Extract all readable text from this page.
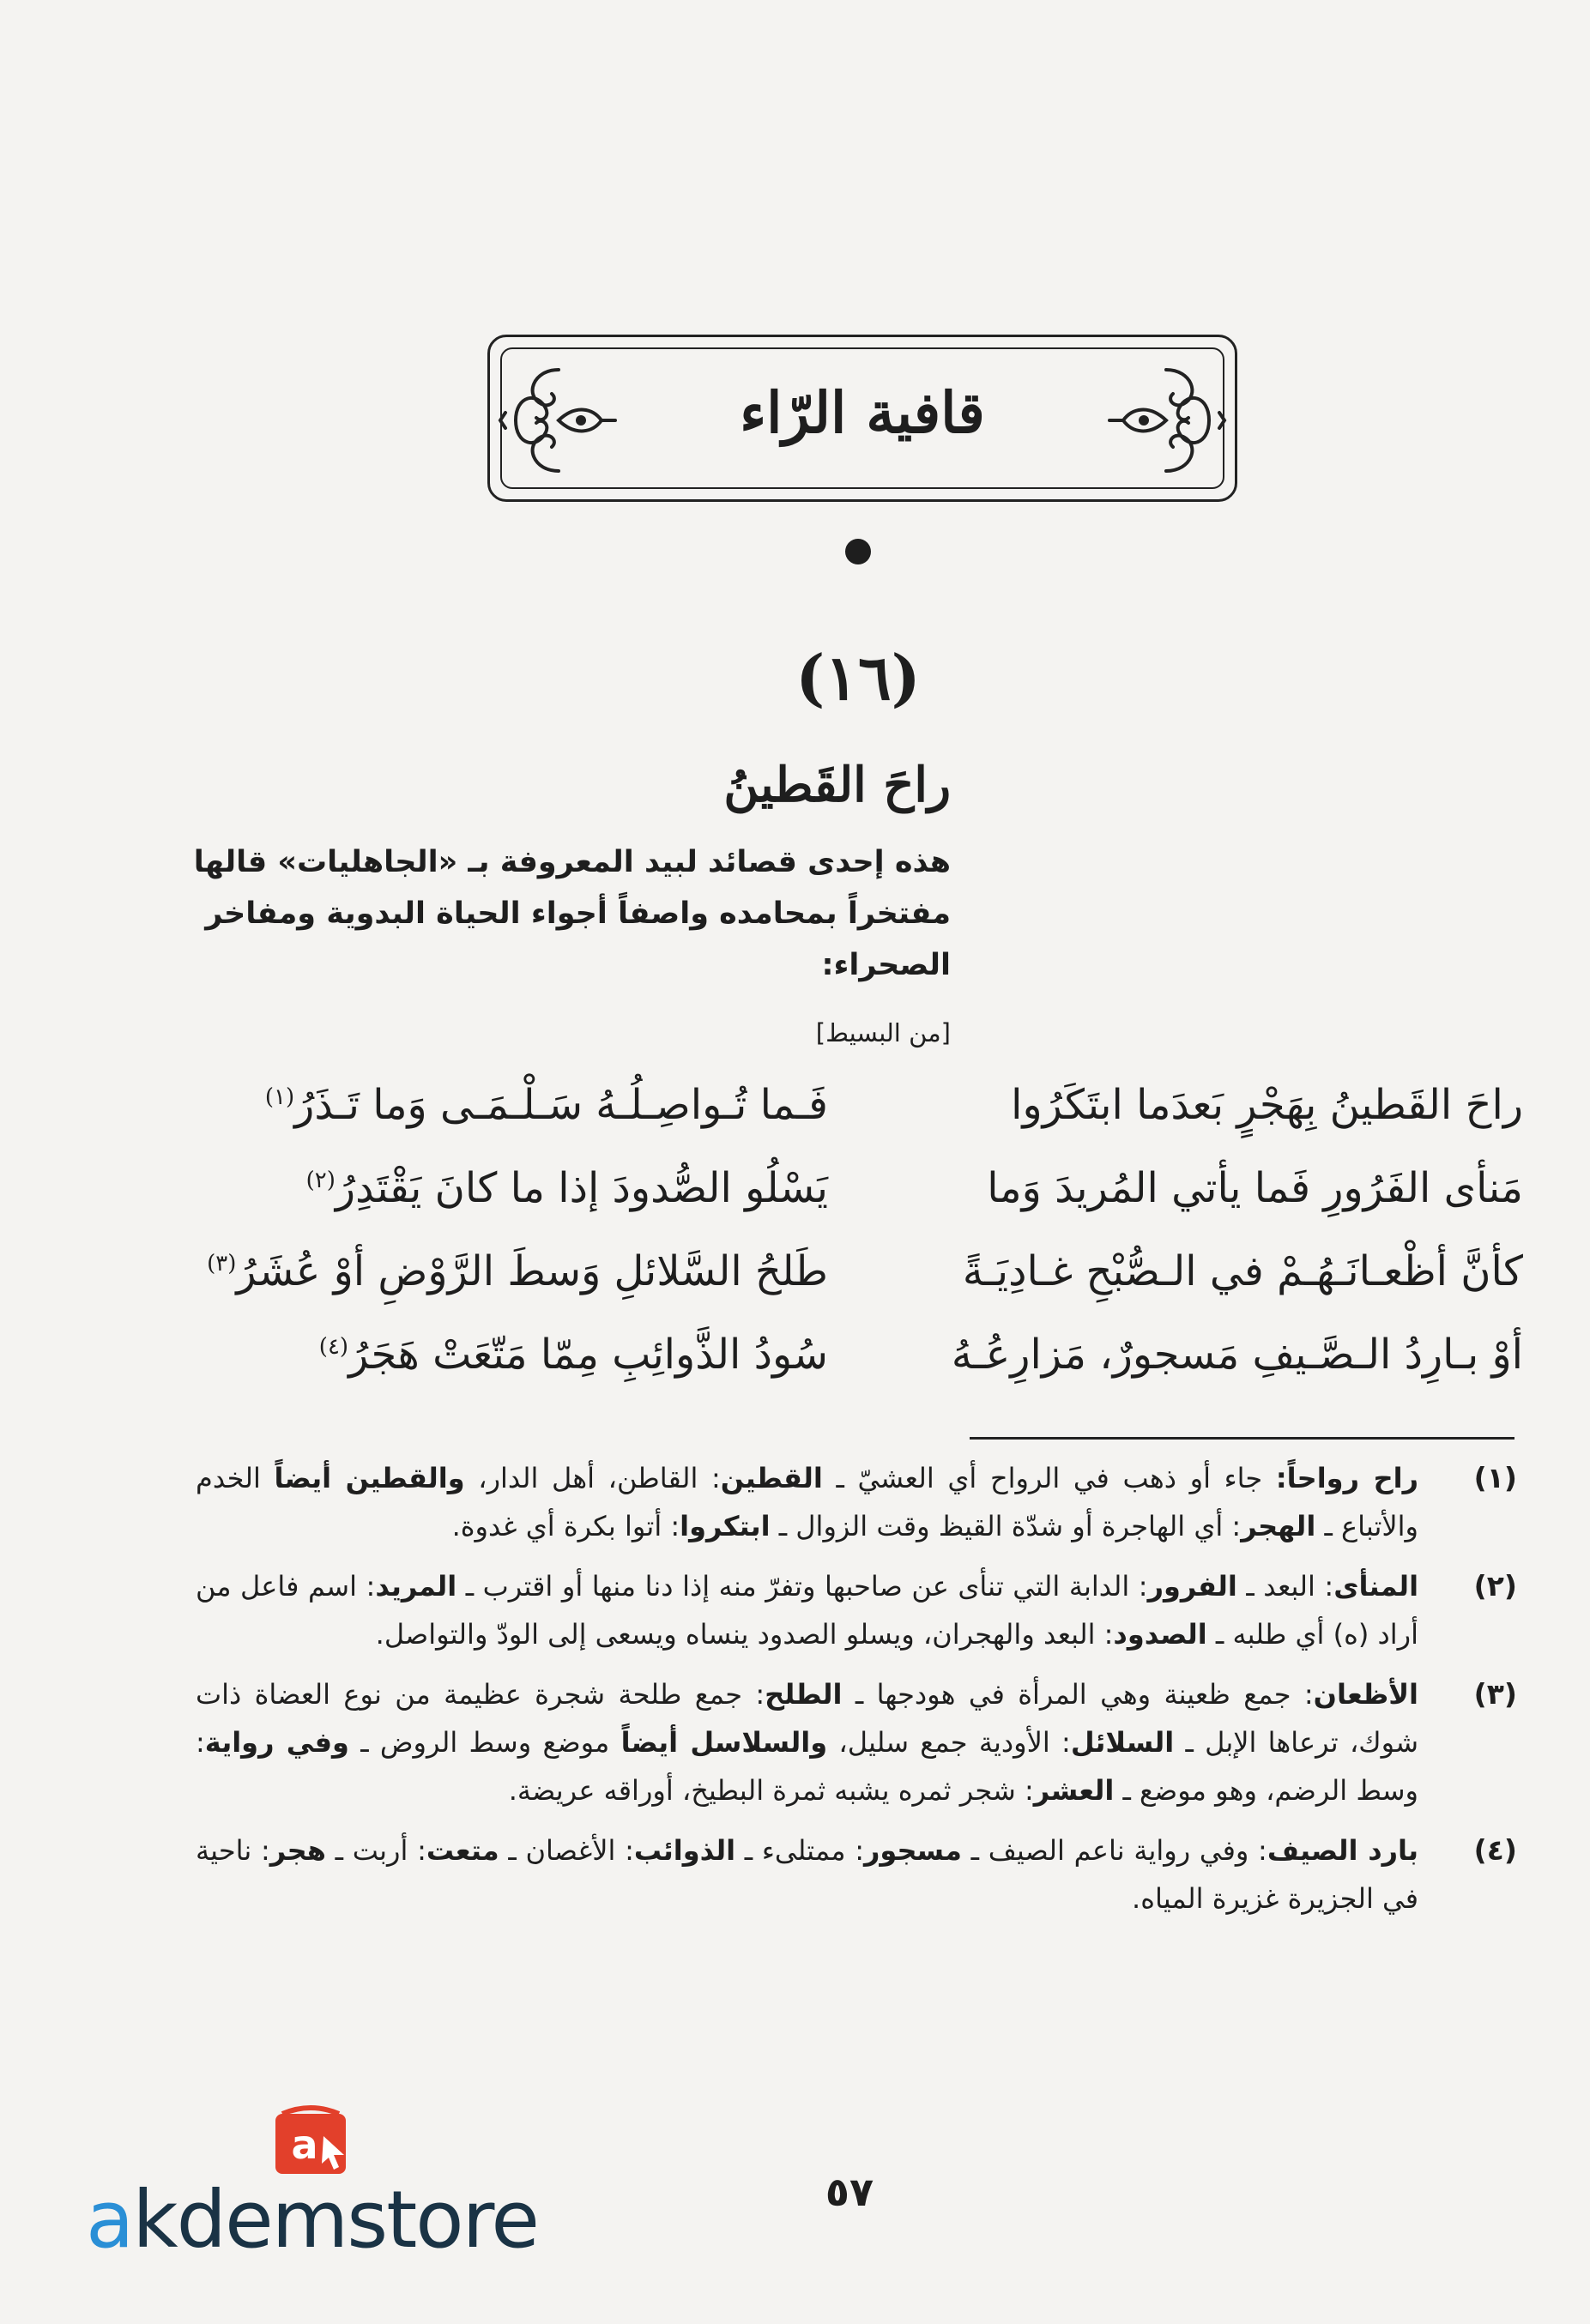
قافية الرّاء
(١٦)
راحَ القَطينُ
هذه إحدى قصائد لبيد المعروفة بـ «الجاهليات» قالها مفتخراً بمحامده واصفاً أجواء الحياة البدوية ومفاخر الصحراء:
[من البسيط]
راحَ القَطينُ بِهَجْرٍ بَعدَما ابتَكَرُوا
فَـما تُـواصِـلُـهُ سَـلْـمَـى وَما تَـذَرُ$^{(١)}$
مَنأى الفَرُورِ فَما يأتي المُريدَ وَما
يَسْلُو الصُّدودَ إذا ما كانَ يَقْتَدِرُ$^{(٢)}$
كأنَّ أظْعـانَـهُـمْ في الـصُّبْحِ غـادِيَـةً
طَلحُ السَّلائلِ وَسطَ الرَّوْضِ أوْ عُشَرُ$^{(٣)}$
أوْ بـارِدُ الـصَّـيفِ مَسجورٌ، مَزارِعُـهُ
سُودُ الذَّوائِبِ مِمّا مَتّعَتْ هَجَرُ$^{(٤)}$
(١)
راح رواحاً: جاء أو ذهب في الرواح أي العشيّ ـ القطين: القاطن، أهل الدار، والقطين أيضاً الخدم والأتباع ـ الهجر: أي الهاجرة أو شدّة القيظ وقت الزوال ـ ابتكروا: أتوا بكرة أي غدوة.
(٢)
المنأى: البعد ـ الفرور: الدابة التي تنأى عن صاحبها وتفرّ منه إذا دنا منها أو اقترب ـ المريد: اسم فاعل من أراد (ه) أي طلبه ـ الصدود: البعد والهجران، ويسلو الصدود ينساه ويسعى إلى الودّ والتواصل.
(٣)
الأظعان: جمع ظعينة وهي المرأة في هودجها ـ الطلح: جمع طلحة شجرة عظيمة من نوع العضاة ذات شوك، ترعاها الإبل ـ السلائل: الأودية جمع سليل، والسلاسل أيضاً موضع وسط الروض ـ وفي رواية: وسط الرضم، وهو موضع ـ العشر: شجر ثمره يشبه ثمرة البطيخ، أوراقه عريضة.
(٤)
بارد الصيف: وفي رواية ناعم الصيف ـ مسجور: ممتلىء ـ الذوائب: الأغصان ـ متعت: أربت ـ هجر: ناحية في الجزيرة غزيرة المياه.
٥٧
a
akdemstore
